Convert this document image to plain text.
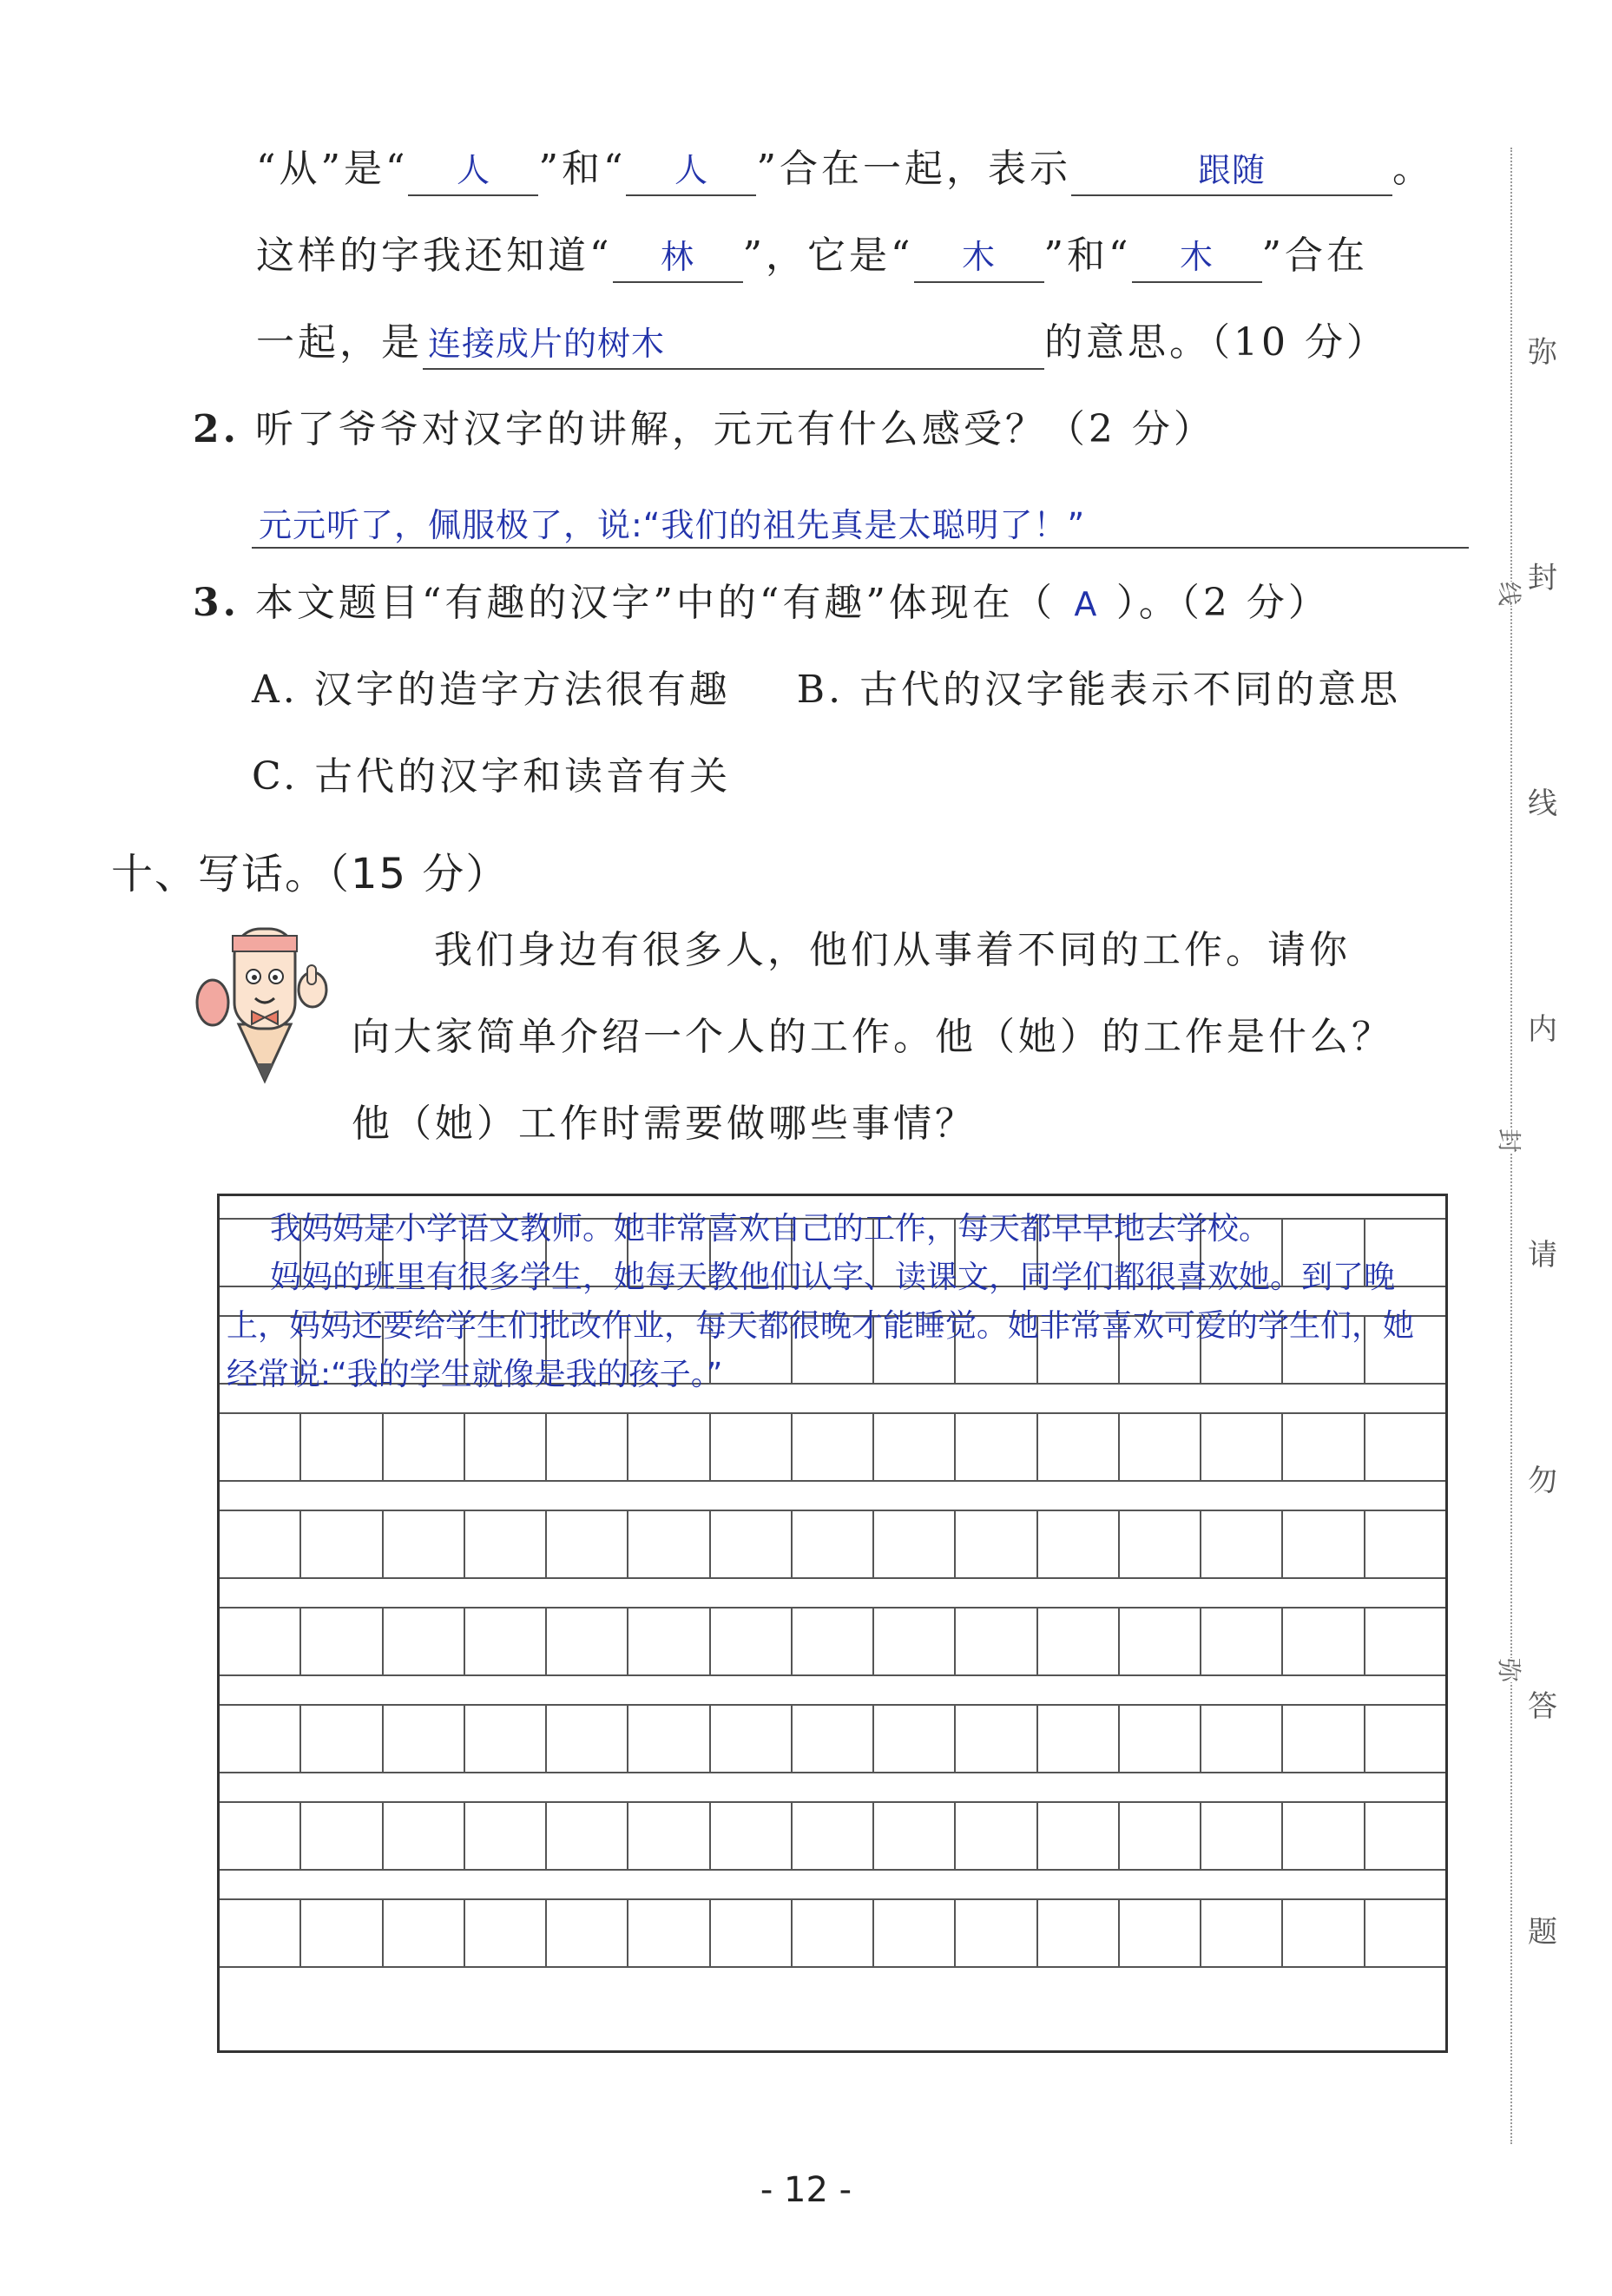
“从”是“ 人 ”和“ 人 ”合在一起，表示	跟随	。
这样的字我还知道“ 林 ”，它是“ 木 ”和“ 木 ”合在
一起，是 连接成片的树木	的意思。（10 分）
2. 听了爷爷对汉字的讲解，元元有什么感受？（2 分）
元元听了，佩服极了，说:“我们的祖先真是太聪明了！”
3. 本文题目“有趣的汉字”中的“有趣”体现在（ A ）。（2 分）
A. 汉字的造字方法很有趣 B. 古代的汉字能表示不同的意思
C. 古代的汉字和读音有关
十、写话。（15 分）
我们身边有很多人，他们从事着不同的工作。请你
向大家简单介绍一个人的工作。他（她）的工作是什么？
他（她）工作时需要做哪些事情？

我妈妈是小学语文教师。她非常喜欢自己的工作，每天都早早地去学校。

妈妈的班里有很多学生，她每天教他们认字、读课文，同学们都很喜欢她。到了晚上，妈妈还要给学生们批改作业，每天都很晚才能睡觉。她非常喜欢可爱的学生们，她经常说:“我的学生就像是我的孩子。”

线
封
弥
弥
封
线
内
请
勿
答
题
- 12 -
